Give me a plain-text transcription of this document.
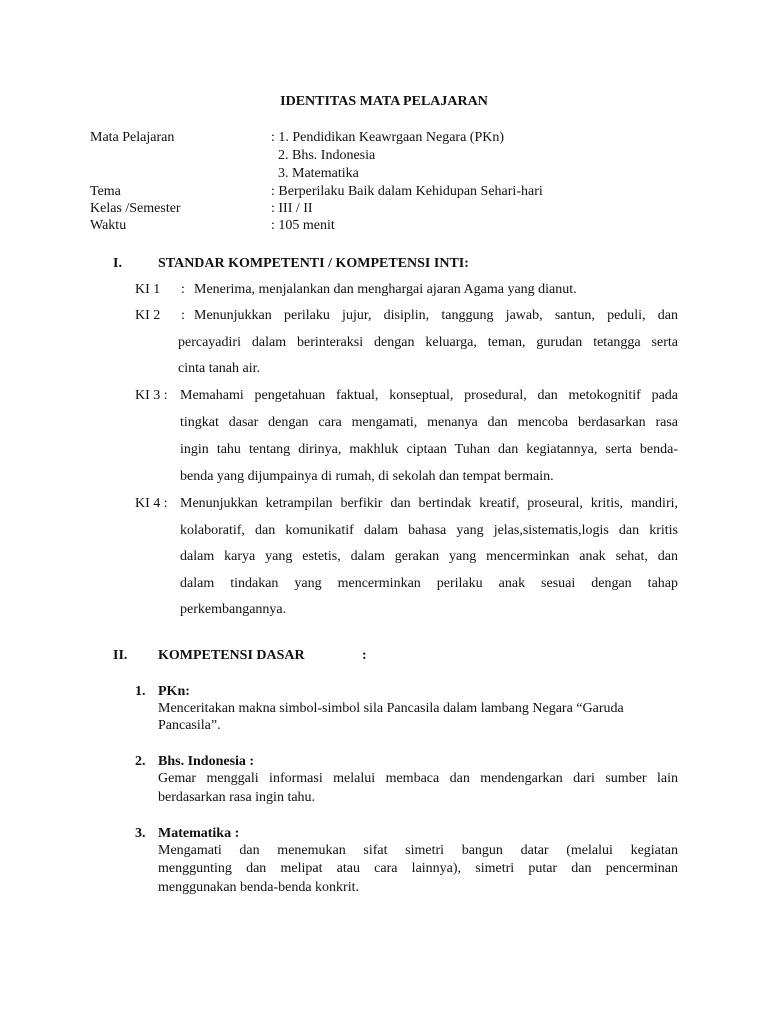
IDENTITAS MATA PELAJARAN
Mata Pelajaran	: 1. Pendidikan Keawrgaan Negara (PKn)
2. Bhs. Indonesia
3. Matematika
Tema	: Berperilaku Baik dalam Kehidupan Sehari-hari
Kelas /Semester	: III / II
Waktu	: 105 menit
I.	STANDAR KOMPETENTI / KOMPETENSI INTI:
KI 1 : Menerima, menjalankan dan menghargai ajaran Agama yang dianut.
KI 2 : Menunjukkan perilaku jujur, disiplin, tanggung jawab, santun, peduli, dan
percayadiri dalam berinteraksi dengan keluarga, teman, gurudan tetangga serta
cinta tanah air.
KI 3 : Memahami pengetahuan faktual, konseptual, prosedural, dan metokognitif pada
tingkat dasar dengan cara mengamati, menanya dan mencoba berdasarkan rasa
ingin tahu tentang dirinya, makhluk ciptaan Tuhan dan kegiatannya, serta benda-
benda yang dijumpainya di rumah, di sekolah dan tempat bermain.
KI 4 : Menunjukkan ketrampilan berfikir dan bertindak kreatif, proseural, kritis, mandiri,
kolaboratif, dan komunikatif dalam bahasa yang jelas,sistematis,logis dan kritis
dalam karya yang estetis, dalam gerakan yang mencerminkan anak sehat, dan
dalam tindakan yang mencerminkan perilaku anak sesuai dengan tahap
perkembangannya.
II. KOMPETENSI DASAR	:
1. PKn:
Menceritakan makna simbol-simbol sila Pancasila dalam lambang Negara “Garuda
Pancasila”.
2. Bhs. Indonesia :
Gemar menggali informasi melalui membaca dan mendengarkan dari sumber lain
berdasarkan rasa ingin tahu.
3. Matematika :
Mengamati dan menemukan sifat simetri bangun datar (melalui kegiatan
menggunting dan melipat atau cara lainnya), simetri putar dan pencerminan
menggunakan benda-benda konkrit.
